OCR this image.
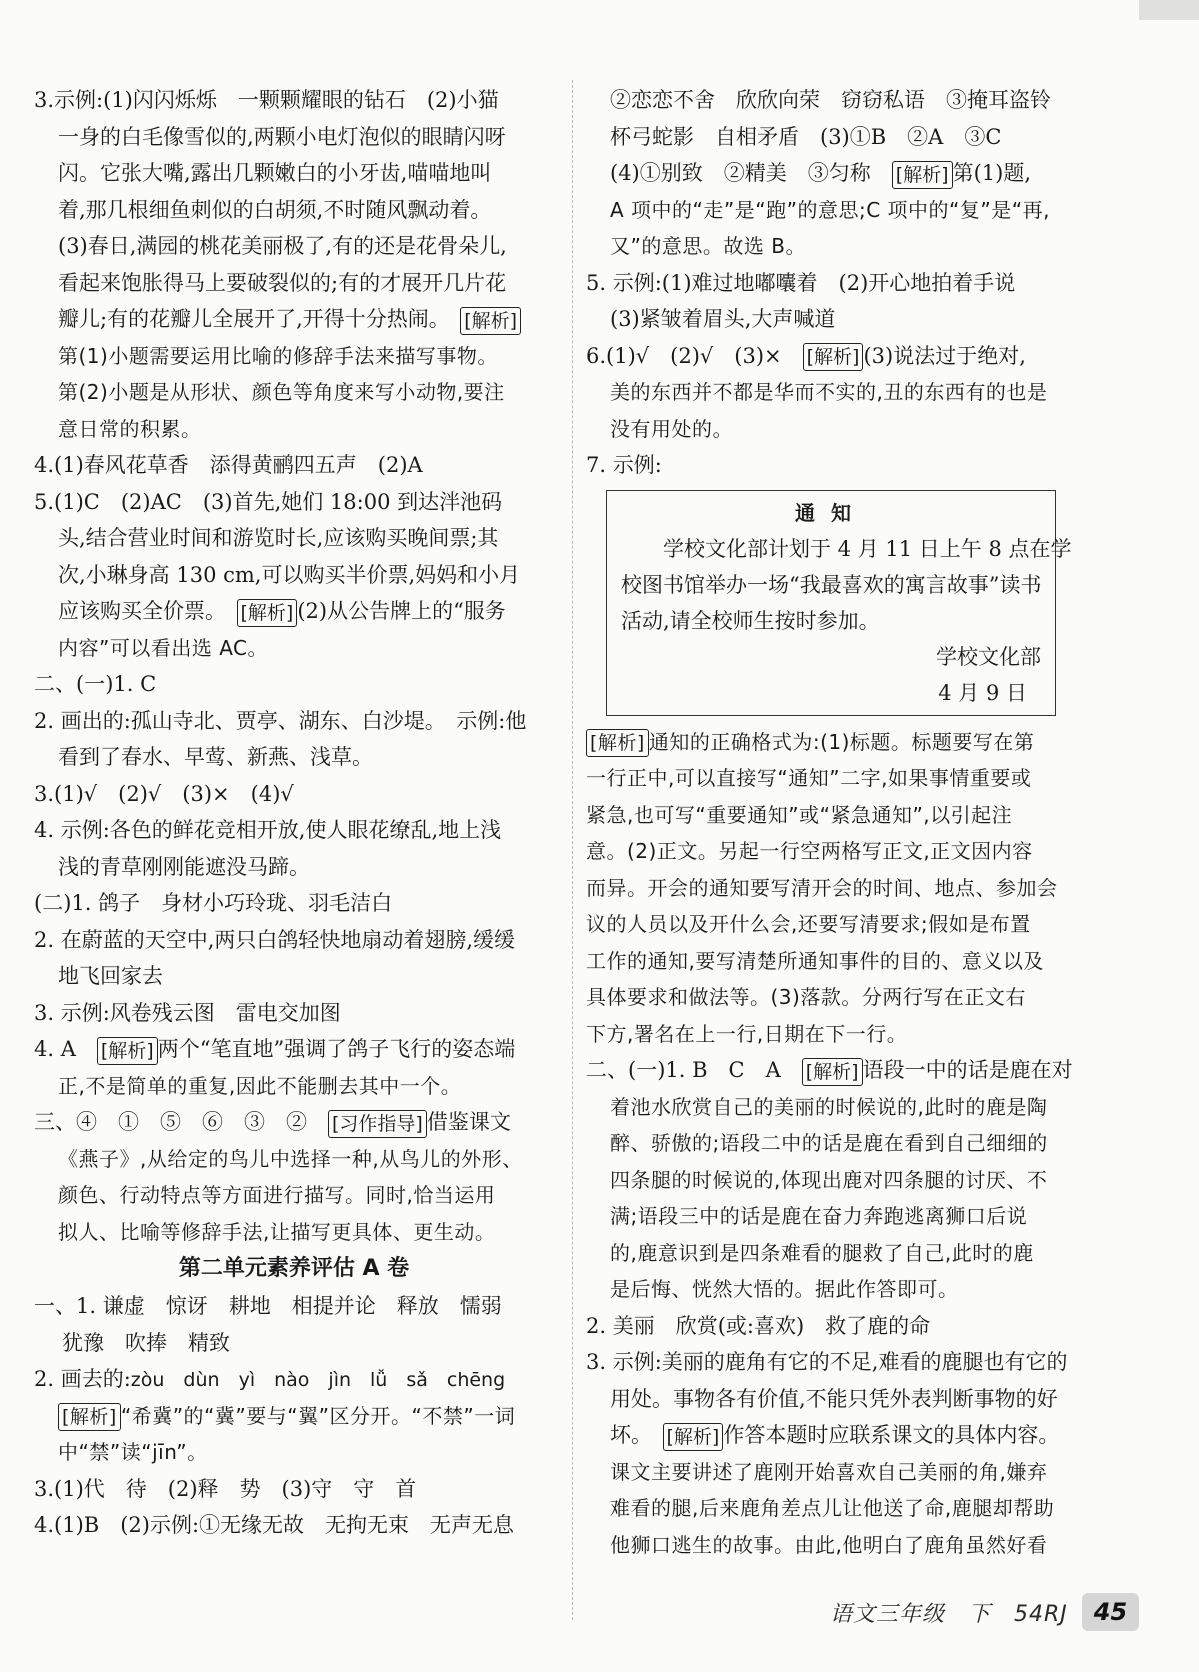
3.示例:(1)闪闪烁烁　一颗颗耀眼的钻石　(2)小猫
一身的白毛像雪似的,两颗小电灯泡似的眼睛闪呀
闪。它张大嘴,露出几颗嫩白的小牙齿,喵喵地叫
着,那几根细鱼刺似的白胡须,不时随风飘动着。
(3)春日,满园的桃花美丽极了,有的还是花骨朵儿,
看起来饱胀得马上要破裂似的;有的才展开几片花
瓣儿;有的花瓣儿全展开了,开得十分热闹。　 [解析]
第(1)小题需要运用比喻的修辞手法来描写事物。
第(2)小题是从形状、颜色等角度来写小动物,要注
意日常的积累。
4.(1)春风花草香　添得黄鹂四五声　(2)A
5.(1)C　(2)AC　(3)首先,她们 18:00 到达泮池码
头,结合营业时间和游览时长,应该购买晚间票;其
次,小琳身高 130 cm,可以购买半价票,妈妈和小月
应该购买全价票。　 [解析] (2)从公告牌上的“服务
内容”可以看出选 AC。
二、(一)1. C
2. 画出的:孤山寺北、贾亭、湖东、白沙堤。　示例:他
看到了春水、早莺、新燕、浅草。
3.(1)√　(2)√　(3)×　(4)√
4. 示例:各色的鲜花竞相开放,使人眼花缭乱,地上浅
浅的青草刚刚能遮没马蹄。
(二)1. 鸽子　身材小巧玲珑、羽毛洁白
2. 在蔚蓝的天空中,两只白鸽轻快地扇动着翅膀,缓缓
地飞回家去
3. 示例:风卷残云图　雷电交加图
4. A　 [解析] 两个“笔直地”强调了鸽子飞行的姿态端
正,不是简单的重复,因此不能删去其中一个。
三、④　①　⑤　⑥　③　②　 [习作指导] 借鉴课文
《燕子》,从给定的鸟儿中选择一种,从鸟儿的外形、
颜色、行动特点等方面进行描写。同时,恰当运用
拟人、比喻等修辞手法,让描写更具体、更生动。
第二单元素养评估 A 卷
一、1. 谦虚　惊讶　耕地　相提并论　释放　懦弱
犹豫　吹捧　精致
2. 画去的:zòu　dùn　yì　nào　jìn　lǚ　sǎ　chēng
[解析] “希冀”的“冀”要与“翼”区分开。“不禁”一词
中“禁”读“jīn”。
3.(1)代　待　(2)释　势　(3)守　守　首
4.(1)B　(2)示例:①无缘无故　无拘无束　无声无息
②恋恋不舍　欣欣向荣　窃窃私语　③掩耳盗铃
杯弓蛇影　自相矛盾　(3)①B　②A　③C
(4)①别致　②精美　③匀称　 [解析] 第(1)题,
A 项中的“走”是“跑”的意思;C 项中的“复”是“再,
又”的意思。故选 B。
5. 示例:(1)难过地嘟囔着　(2)开心地拍着手说
(3)紧皱着眉头,大声喊道
6.(1)√　(2)√　(3)×　 [解析] (3)说法过于绝对,
美的东西并不都是华而不实的,丑的东西有的也是
没有用处的。
7. 示例:
通知
学校文化部计划于 4 月 11 日上午 8 点在学
校图书馆举办一场“我最喜欢的寓言故事”读书
活动,请全校师生按时参加。
学校文化部
4 月 9 日
[解析] 通知的正确格式为:(1)标题。标题要写在第
一行正中,可以直接写“通知”二字,如果事情重要或
紧急,也可写“重要通知”或“紧急通知”,以引起注
意。(2)正文。另起一行空两格写正文,正文因内容
而异。开会的通知要写清开会的时间、地点、参加会
议的人员以及开什么会,还要写清要求;假如是布置
工作的通知,要写清楚所通知事件的目的、意义以及
具体要求和做法等。(3)落款。分两行写在正文右
下方,署名在上一行,日期在下一行。
二、(一)1. B　C　A　 [解析] 语段一中的话是鹿在对
着池水欣赏自己的美丽的时候说的,此时的鹿是陶
醉、骄傲的;语段二中的话是鹿在看到自己细细的
四条腿的时候说的,体现出鹿对四条腿的讨厌、不
满;语段三中的话是鹿在奋力奔跑逃离狮口后说
的,鹿意识到是四条难看的腿救了自己,此时的鹿
是后悔、恍然大悟的。据此作答即可。
2. 美丽　欣赏(或:喜欢)　救了鹿的命
3. 示例:美丽的鹿角有它的不足,难看的鹿腿也有它的
用处。事物各有价值,不能只凭外表判断事物的好
坏。　 [解析] 作答本题时应联系课文的具体内容。
课文主要讲述了鹿刚开始喜欢自己美丽的角,嫌弃
难看的腿,后来鹿角差点儿让他送了命,鹿腿却帮助
他狮口逃生的故事。由此,他明白了鹿角虽然好看
语文三年级　下　54RJ	45
